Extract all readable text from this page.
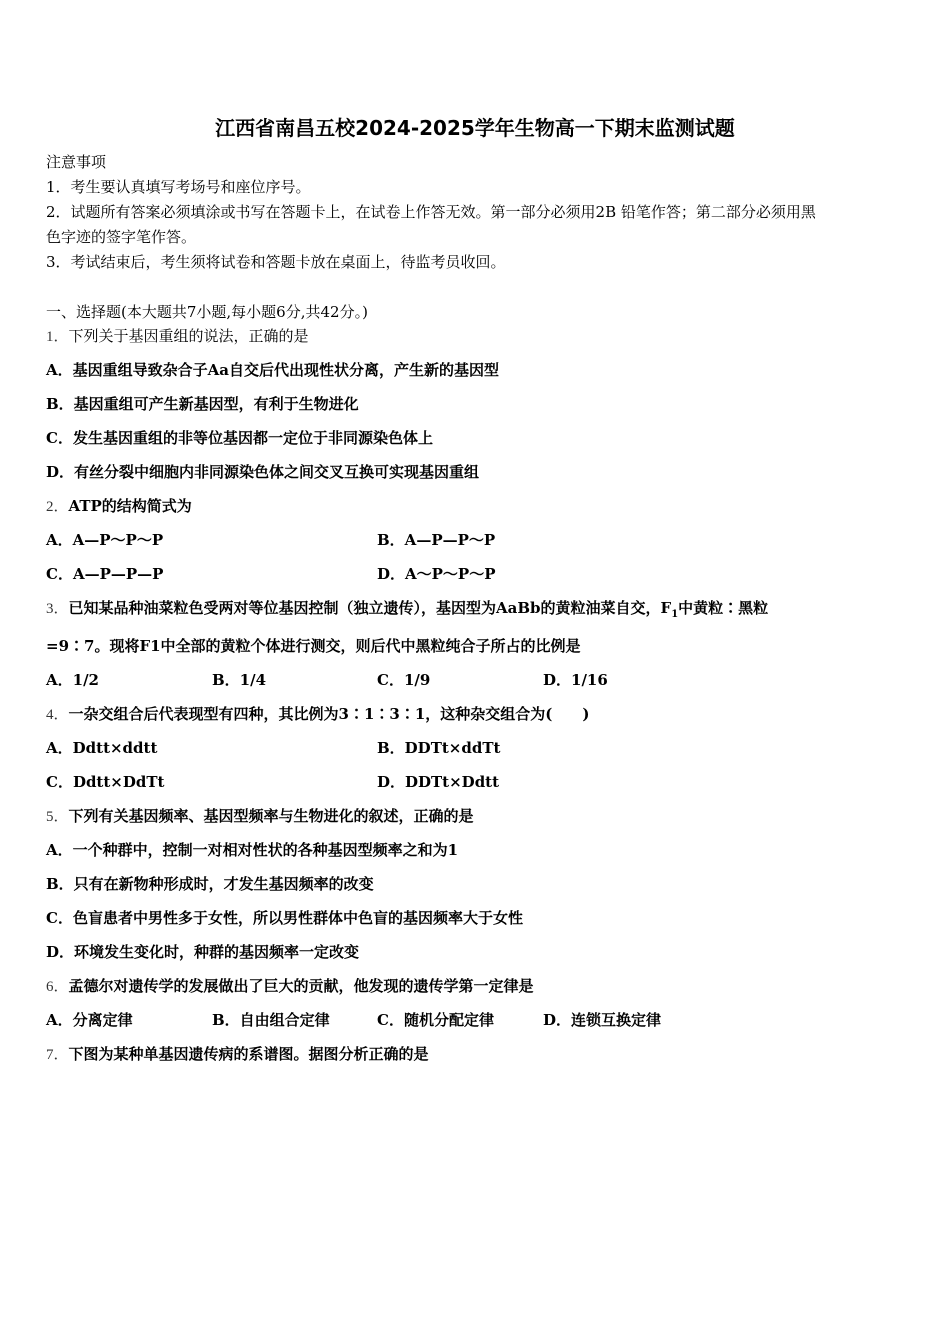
江西省南昌五校2024-2025学年生物高一下期末监测试题
注意事项
1．考生要认真填写考场号和座位序号。
2．试题所有答案必须填涂或书写在答题卡上，在试卷上作答无效。第一部分必须用2B 铅笔作答；第二部分必须用黑
色字迹的签字笔作答。
3．考试结束后，考生须将试卷和答题卡放在桌面上，待监考员收回。
一、选择题(本大题共7小题,每小题6分,共42分。)
1．下列关于基因重组的说法，正确的是
A．基因重组导致杂合子Aa自交后代出现性状分离，产生新的基因型
B．基因重组可产生新基因型，有利于生物进化
C．发生基因重组的非等位基因都一定位于非同源染色体上
D．有丝分裂中细胞内非同源染色体之间交叉互换可实现基因重组
2．ATP的结构简式为
A．A—P～P～P	B．A—P—P～P
C．A—P—P—P	D．A～P～P～P
3．已知某品种油菜粒色受两对等位基因控制（独立遗传），基因型为AaBb的黄粒油菜自交，$F_1$中黄粒∶黑粒
=9∶7。现将F1中全部的黄粒个体进行测交，则后代中黑粒纯合子所占的比例是
A．1/2	B．1/4	C．1/9	D．1/16
4．一杂交组合后代表现型有四种，其比例为3∶1∶3∶1，这种杂交组合为(　　)
A．Ddtt×ddtt	B．DDTt×ddTt
C．Ddtt×DdTt	D．DDTt×Ddtt
5．下列有关基因频率、基因型频率与生物进化的叙述，正确的是
A．一个种群中，控制一对相对性状的各种基因型频率之和为1
B．只有在新物种形成时，才发生基因频率的改变
C．色盲患者中男性多于女性，所以男性群体中色盲的基因频率大于女性
D．环境发生变化时，种群的基因频率一定改变
6．孟德尔对遗传学的发展做出了巨大的贡献，他发现的遗传学第一定律是
A．分离定律	B．自由组合定律	C．随机分配定律	D．连锁互换定律
7．下图为某种单基因遗传病的系谱图。据图分析正确的是
